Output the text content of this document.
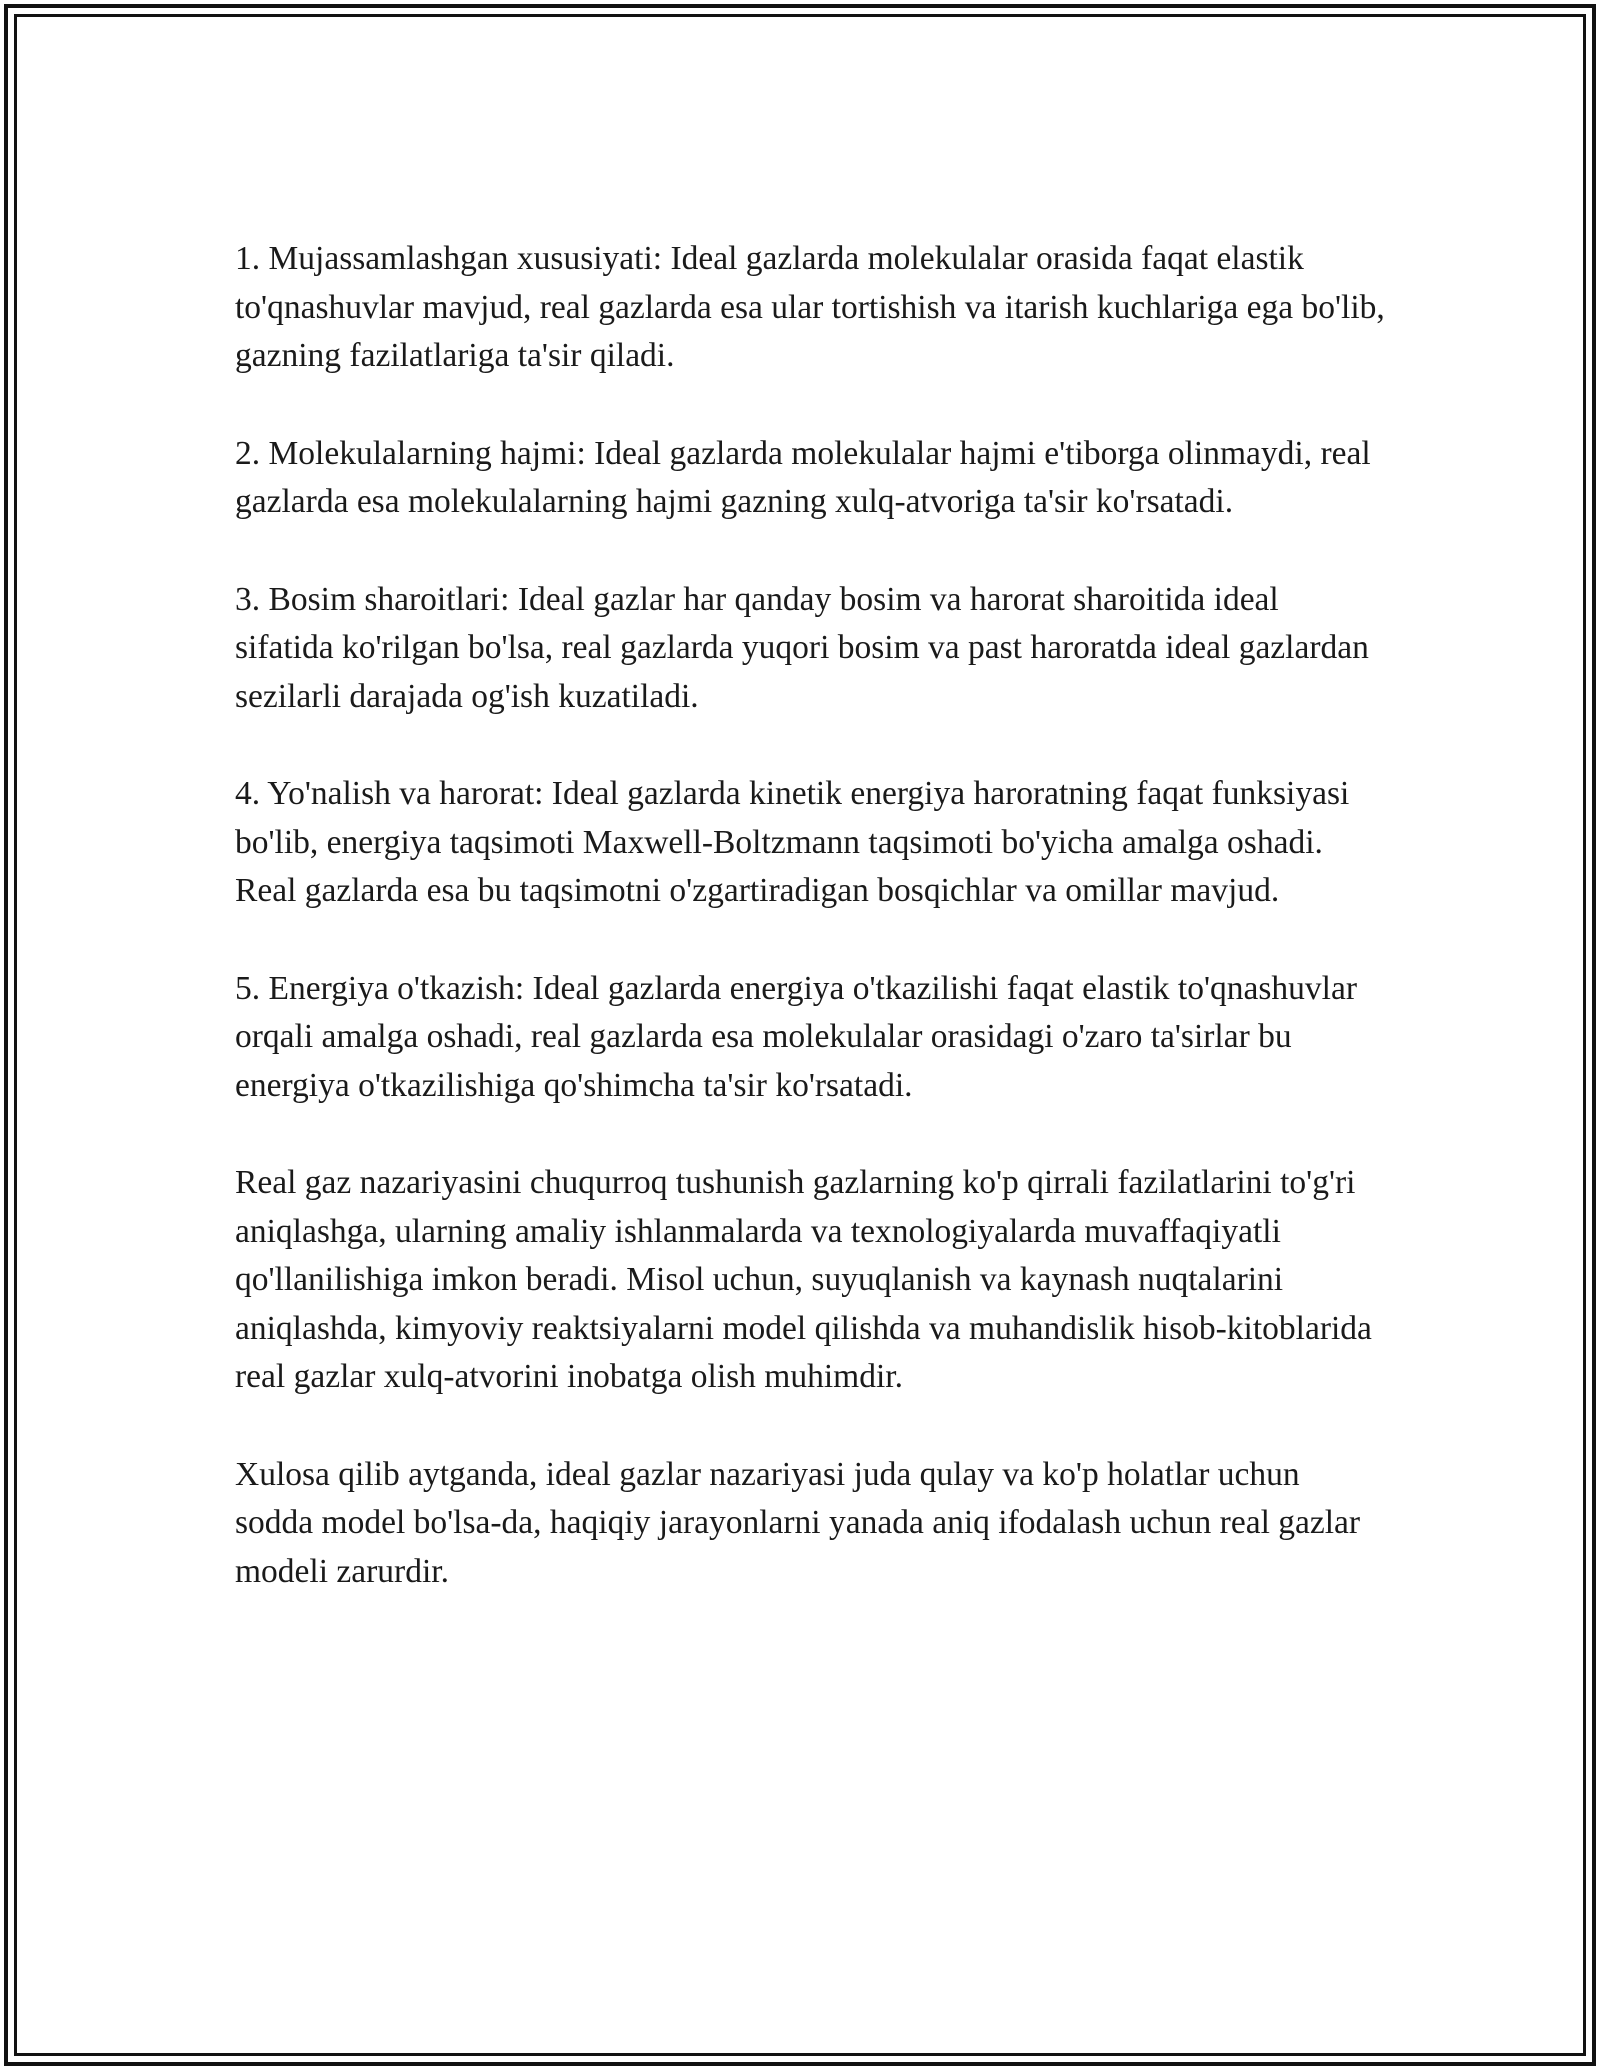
1. Mujassamlashgan xususiyati: Ideal gazlarda molekulalar orasida faqat elastik to'qnashuvlar mavjud, real gazlarda esa ular tortishish va itarish kuchlariga ega bo'lib, gazning fazilatlariga ta'sir qiladi.

2. Molekulalarning hajmi: Ideal gazlarda molekulalar hajmi e'tiborga olinmaydi, real gazlarda esa molekulalarning hajmi gazning xulq-atvoriga ta'sir ko'rsatadi.

3. Bosim sharoitlari: Ideal gazlar har qanday bosim va harorat sharoitida ideal sifatida ko'rilgan bo'lsa, real gazlarda yuqori bosim va past haroratda ideal gazlardan sezilarli darajada og'ish kuzatiladi.

4. Yo'nalish va harorat: Ideal gazlarda kinetik energiya haroratning faqat funksiyasi bo'lib, energiya taqsimoti Maxwell-Boltzmann taqsimoti bo'yicha amalga oshadi. Real gazlarda esa bu taqsimotni o'zgartiradigan bosqichlar va omillar mavjud.

5. Energiya o'tkazish: Ideal gazlarda energiya o'tkazilishi faqat elastik to'qnashuvlar orqali amalga oshadi, real gazlarda esa molekulalar orasidagi o'zaro ta'sirlar bu energiya o'tkazilishiga qo'shimcha ta'sir ko'rsatadi.

Real gaz nazariyasini chuqurroq tushunish gazlarning ko'p qirrali fazilatlarini to'g'ri aniqlashga, ularning amaliy ishlanmalarda va texnologiyalarda muvaffaqiyatli qo'llanilishiga imkon beradi. Misol uchun, suyuqlanish va kaynash nuqtalarini aniqlashda, kimyoviy reaktsiyalarni model qilishda va muhandislik hisob-kitoblarida real gazlar xulq-atvorini inobatga olish muhimdir.

Xulosa qilib aytganda, ideal gazlar nazariyasi juda qulay va ko'p holatlar uchun sodda model bo'lsa-da, haqiqiy jarayonlarni yanada aniq ifodalash uchun real gazlar modeli zarurdir.
